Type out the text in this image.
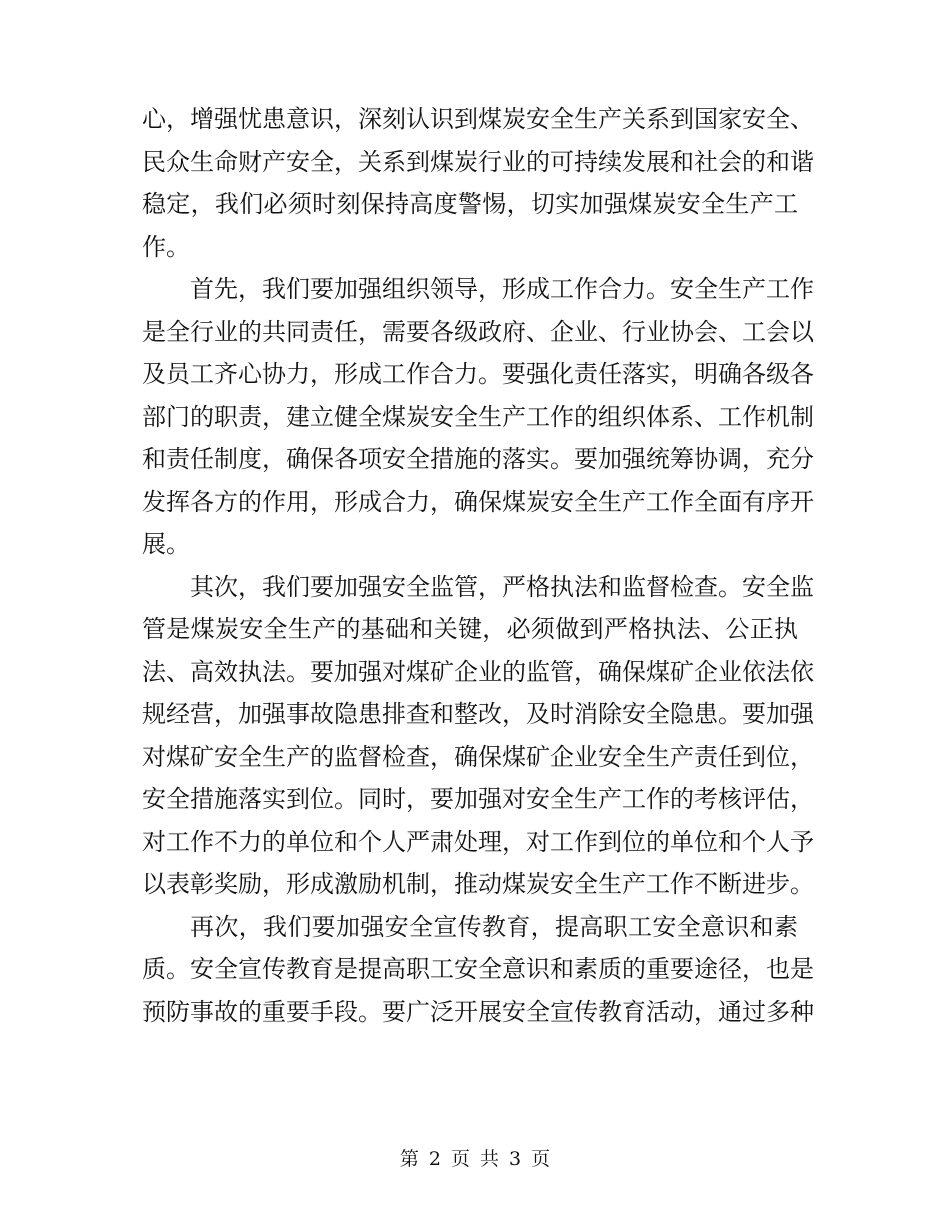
心，增强忧患意识，深刻认识到煤炭安全生产关系到国家安全、
民众生命财产安全，关系到煤炭行业的可持续发展和社会的和谐
稳定，我们必须时刻保持高度警惕，切实加强煤炭安全生产工
作。
首先，我们要加强组织领导，形成工作合力。安全生产工作
是全行业的共同责任，需要各级政府、企业、行业协会、工会以
及员工齐心协力，形成工作合力。要强化责任落实，明确各级各
部门的职责，建立健全煤炭安全生产工作的组织体系、工作机制
和责任制度，确保各项安全措施的落实。要加强统筹协调，充分
发挥各方的作用，形成合力，确保煤炭安全生产工作全面有序开
展。
其次，我们要加强安全监管，严格执法和监督检查。安全监
管是煤炭安全生产的基础和关键，必须做到严格执法、公正执
法、高效执法。要加强对煤矿企业的监管，确保煤矿企业依法依
规经营，加强事故隐患排查和整改，及时消除安全隐患。要加强
对煤矿安全生产的监督检查，确保煤矿企业安全生产责任到位，
安全措施落实到位。同时，要加强对安全生产工作的考核评估，
对工作不力的单位和个人严肃处理，对工作到位的单位和个人予
以表彰奖励，形成激励机制，推动煤炭安全生产工作不断进步。
再次，我们要加强安全宣传教育，提高职工安全意识和素
质。安全宣传教育是提高职工安全意识和素质的重要途径，也是
预防事故的重要手段。要广泛开展安全宣传教育活动，通过多种
第 2 页 共 3 页
